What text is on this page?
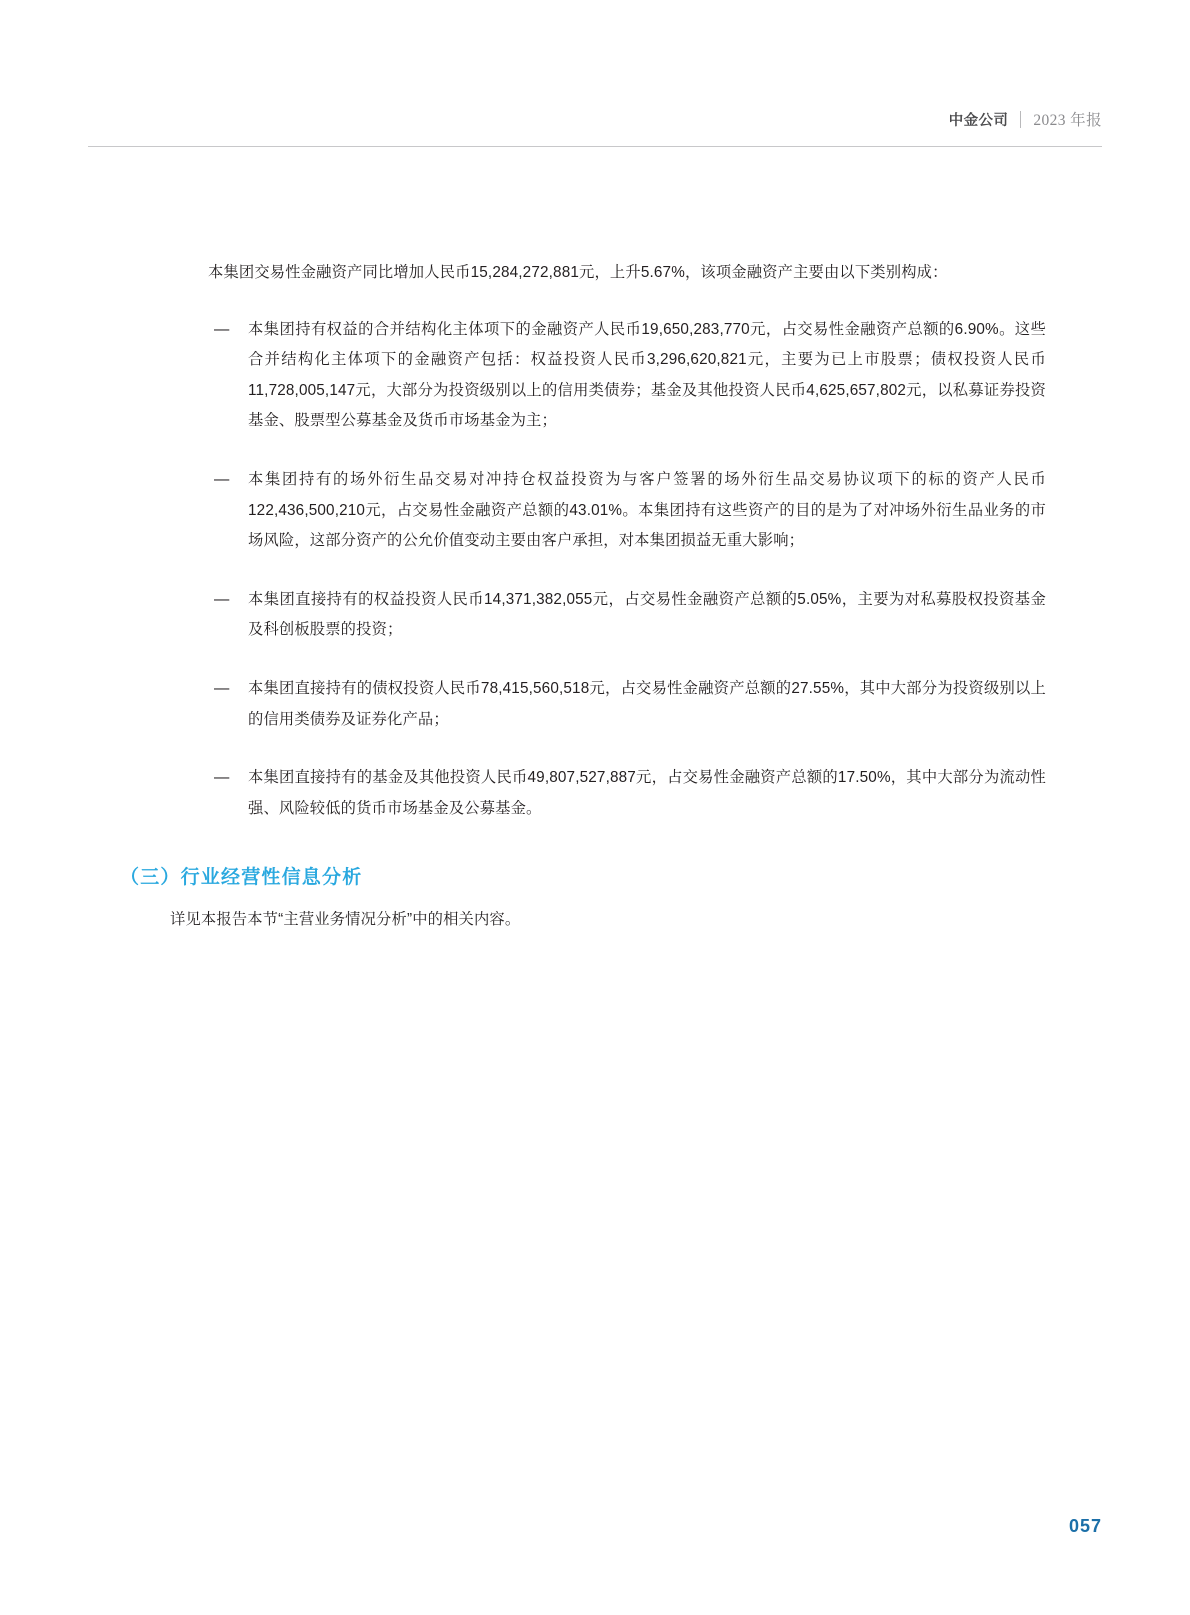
中金公司 2023 年报

本集团交易性金融资产同比增加人民币15,284,272,881元，上升5.67%，该项金融资产主要由以下类别构成：

— 本集团持有权益的合并结构化主体项下的金融资产人民币19,650,283,770元，占交易性金融资产总额的6.90%。这些合并结构化主体项下的金融资产包括：权益投资人民币3,296,620,821元，主要为已上市股票；债权投资人民币11,728,005,147元，大部分为投资级别以上的信用类债券；基金及其他投资人民币4,625,657,802元，以私募证券投资基金、股票型公募基金及货币市场基金为主；
— 本集团持有的场外衍生品交易对冲持仓权益投资为与客户签署的场外衍生品交易协议项下的标的资产人民币122,436,500,210元，占交易性金融资产总额的43.01%。本集团持有这些资产的目的是为了对冲场外衍生品业务的市场风险，这部分资产的公允价值变动主要由客户承担，对本集团损益无重大影响；
— 本集团直接持有的权益投资人民币14,371,382,055元，占交易性金融资产总额的5.05%，主要为对私募股权投资基金及科创板股票的投资；
— 本集团直接持有的债权投资人民币78,415,560,518元，占交易性金融资产总额的27.55%，其中大部分为投资级别以上的信用类债券及证券化产品；
— 本集团直接持有的基金及其他投资人民币49,807,527,887元，占交易性金融资产总额的17.50%，其中大部分为流动性强、风险较低的货币市场基金及公募基金。
（三）行业经营性信息分析
详见本报告本节“主营业务情况分析”中的相关内容。
057
